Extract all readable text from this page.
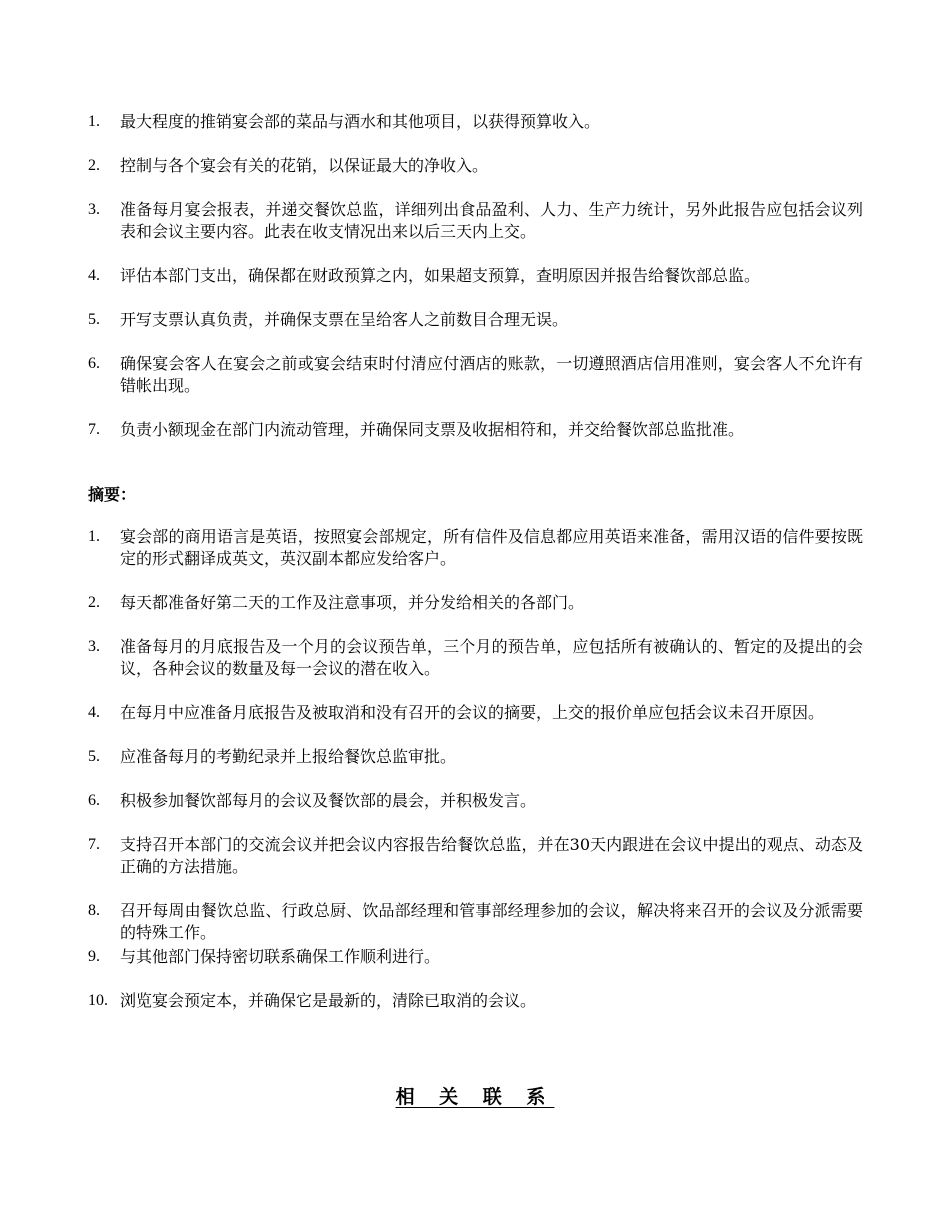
1.	最大程度的推销宴会部的菜品与酒水和其他项目，以获得预算收入。
2.	控制与各个宴会有关的花销，以保证最大的净收入。
3.	准备每月宴会报表，并递交餐饮总监，详细列出食品盈利、人力、生产力统计，另外此报告应包括会议列表和会议主要内容。此表在收支情况出来以后三天内上交。
4.	评估本部门支出，确保都在财政预算之内，如果超支预算，查明原因并报告给餐饮部总监。
5.	开写支票认真负责，并确保支票在呈给客人之前数目合理无误。
6.	确保宴会客人在宴会之前或宴会结束时付清应付酒店的账款，一切遵照酒店信用准则，宴会客人不允许有错帐出现。
7.	负责小额现金在部门内流动管理，并确保同支票及收据相符和，并交给餐饮部总监批准。
摘要：
1.	宴会部的商用语言是英语，按照宴会部规定，所有信件及信息都应用英语来准备，需用汉语的信件要按既定的形式翻译成英文，英汉副本都应发给客户。
2.	每天都准备好第二天的工作及注意事项，并分发给相关的各部门。
3.	准备每月的月底报告及一个月的会议预告单，三个月的预告单，应包括所有被确认的、暂定的及提出的会议，各种会议的数量及每一会议的潜在收入。
4.	在每月中应准备月底报告及被取消和没有召开的会议的摘要，上交的报价单应包括会议未召开原因。
5.	应准备每月的考勤纪录并上报给餐饮总监审批。
6.	积极参加餐饮部每月的会议及餐饮部的晨会，并积极发言。
7.	支持召开本部门的交流会议并把会议内容报告给餐饮总监，并在30天内跟进在会议中提出的观点、动态及正确的方法措施。
8.	召开每周由餐饮总监、行政总厨、饮品部经理和管事部经理参加的会议，解决将来召开的会议及分派需要的特殊工作。
9.	与其他部门保持密切联系确保工作顺利进行。
10. 浏览宴会预定本，并确保它是最新的，清除已取消的会议。
相 关 联 系
